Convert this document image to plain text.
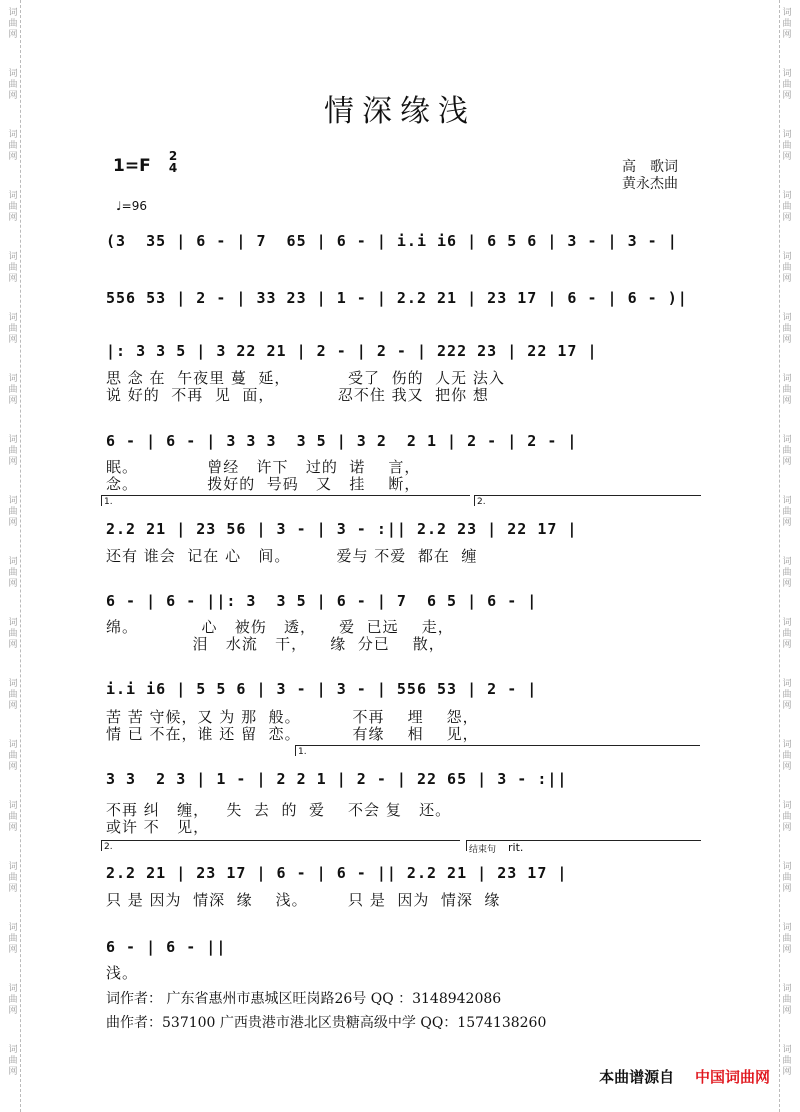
词
曲
网
词
曲
网
词
曲
网
词
曲
网
词
曲
网
词
曲
网
词
曲
网
词
曲
网
词
曲
网
词
曲
网
词
曲
网
词
曲
网
词
曲
网
词
曲
网
词
曲
网
词
曲
网
词
曲
网
词
曲
网
词
曲
网
词
曲
网
词
曲
网
词
曲
网
词
曲
网
词
曲
网
词
曲
网
词
曲
网
词
曲
网
词
曲
网
词
曲
网
词
曲
网
词
曲
网
词
曲
网
词
曲
网
词
曲
网
词
曲
网
词
曲
网
情深缘浅
1=F 2
4	高　歌词
黄永杰曲
♩=96
(3  35 | 6 - | 7  65 | 6 - | i.i i6 | 6 5 6 | 3 - | 3 - |
556 53 | 2 - | 33 23 | 1 - | 2.2 21 | 23 17 | 6 - | 6 - )|
|: 3 3 5 | 3 22 21 | 2 - | 2 - | 222 23 | 22 17 |
思 念 在  午夜里 蔓  延，          受了  伤的  人无 法入
说 好的  不再  见  面，           忍不住 我又  把你 想
6 - | 6 - | 3 3 3  3 5 | 3 2  2 1 | 2 - | 2 - |
眠。            曾经   许下   过的  诺    言，
念。            拨好的  号码   又   挂    断，
1.	2.
2.2 21 | 23 56 | 3 - | 3 - :|| 2.2 23 | 22 17 |
还有 谁会  记在 心   间。        爱与 不爱  都在  缠
6 - | 6 - ||: 3  3 5 | 6 - | 7  6 5 | 6 - |
绵。           心   被伤   透，    爱  已远    走，
泪   水流   干，    缘  分已    散，
i.i i6 | 5 5 6 | 3 - | 3 - | 556 53 | 2 - |
苦 苦 守候，又 为 那  般。         不再    埋    怨，
情 已 不在，谁 还 留  恋。         有缘    相    见，
1.
3 3  2 3 | 1 - | 2 2 1 | 2 - | 22 65 | 3 - :||
不再 纠   缠，   失  去  的  爱    不会 复   还。
或许 不   见，
2.	结束句 rit.
2.2 21 | 23 17 | 6 - | 6 - || 2.2 21 | 23 17 |
只 是 因为  情深  缘    浅。       只 是  因为  情深  缘
6 - | 6 - ||
浅。
词作者： 广东省惠州市惠城区旺岗路26号 QQ ：3148942086
曲作者：537100 广西贵港市港北区贵糖高级中学 QQ：1574138260
本曲谱源自 中国词曲网
